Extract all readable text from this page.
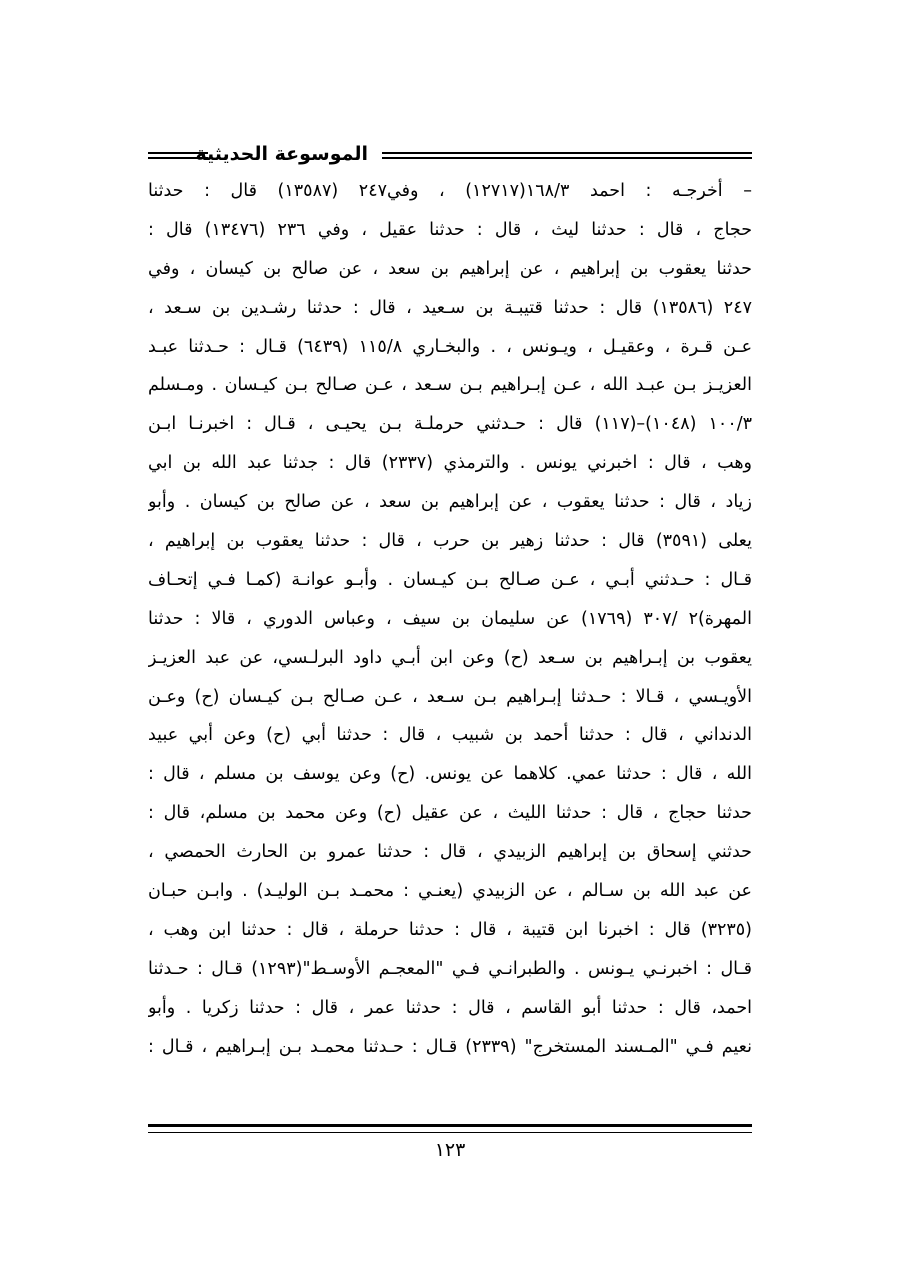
الموسوعة الحديثية
– أخرجـه : احمد ١٦٨/٣(١٢٧١٧) ، وفي٢٤٧ (١٣٥٨٧) قال : حدثنا
حجاج ، قال : حدثنا ليث ، قال : حدثنا عقيل ، وفي ٢٣٦ (١٣٤٧٦) قال :
حدثنا يعقوب بن إبراهيم ، عن إبراهيم بن سعد ، عن صالح بن كيسان ، وفي
٢٤٧ (١٣٥٨٦) قال : حدثنا قتيبـة بن سـعيد ، قال : حدثنا رشـدين بن سـعد ،
عـن قـرة ، وعقيـل ، ويـونس ، . والبخـاري ١١٥/٨ (٦٤٣٩) قـال : حـدثنا عبـد
العزيـز بـن عبـد الله ، عـن إبـراهيم بـن سـعد ، عـن صـالح بـن كيـسان . ومـسلم
١٠٠/٣ (١٠٤٨)–(١١٧) قال : حـدثني حرملـة بـن يحيـى ، قـال : اخبرنـا ابـن
وهب ، قال : اخبرني يونس . والترمذي (٢٣٣٧) قال : جدثنا عبد الله بن ابي
زياد ، قال : حدثنا يعقوب ، عن إبراهيم بن سعد ، عن صالح بن كيسان . وأبو
يعلى (٣٥٩١) قال : حدثنا زهير بن حرب ، قال : حدثنا يعقوب بن إبراهيم ،
قـال : حـدثني أبـي ، عـن صـالح بـن كيـسان . وأبـو عوانـة (كمـا فـي إتحـاف
المهرة)٢ /٣٠٧ (١٧٦٩) عن سليمان بن سيف ، وعباس الدوري ، قالا : حدثنا
يعقوب بن إبـراهيم بن سـعد (ح) وعن ابن أبـي داود البرلـسي، عن عبد العزيـز
الأويـسي ، قـالا : حـدثنا إبـراهيم بـن سـعد ، عـن صـالح بـن كيـسان (ح) وعـن
الدنداني ، قال : حدثنا أحمد بن شبيب ، قال : حدثنا أبي (ح) وعن أبي عبيد
الله ، قال : حدثنا عمي. كلاهما عن يونس. (ح) وعن يوسف بن مسلم ، قال :
حدثنا حجاج ، قال : حدثنا الليث ، عن عقيل (ح) وعن محمد بن مسلم، قال :
حدثني إسحاق بن إبراهيم الزبيدي ، قال : حدثنا عمرو بن الحارث الحمصي ،
عن عبد الله بن سـالم ، عن الزبيدي (يعنـي : محمـد بـن الوليـد) . وابـن حبـان
(٣٢٣٥) قال : اخبرنا ابن قتيبة ، قال : حدثنا حرملة ، قال : حدثنا ابن وهب ،
قـال : اخبرنـي يـونس . والطبرانـي فـي "المعجـم الأوسـط"(١٢٩٣) قـال : حـدثنا
احمد، قال : حدثنا أبو القاسم ، قال : حدثنا عمر ، قال : حدثنا زكريا . وأبو
نعيم فـي "المـسند المستخرج" (٢٣٣٩) قـال : حـدثنا محمـد بـن إبـراهيم ، قـال :
١٢٣
